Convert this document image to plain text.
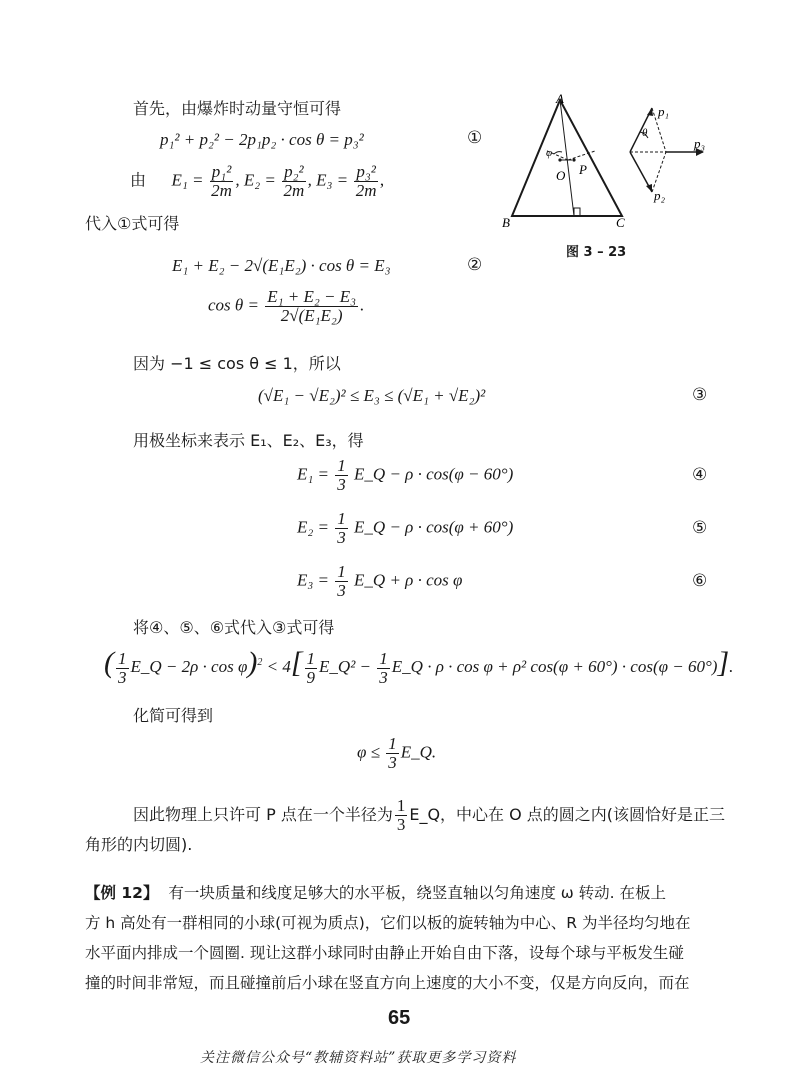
首先，由爆炸时动量守恒可得
p₁² + p₂² − 2p₁p₂ · cos θ = p₃²	①
由 $E_1 = \frac{\text{p₁²}}{2m}$ , $E_2 = \frac{\text{p₂²}}{2m}$ , $E_3 = \frac{\text{p₃²}}{2m}$ ,
代入①式可得
E₁ + E₂ − 2√(E₁E₂) · cos θ = E₃	②
$\cos \theta = \frac{\text{E₁ + E₂ − E₃}}{\text{2√(E₁E₂)}}$ .
因为 −1 ≤ cos θ ≤ 1，所以
(√E₁ − √E₂)² ≤ E₃ ≤ (√E₁ + √E₂)²	③
用极坐标来表示 E₁、E₂、E₃，得
$E_1 = \frac{1}{3}$ E_Q − ρ · cos(φ − 60°)	④
$E_2 = \frac{1}{3}$ E_Q − ρ · cos(φ + 60°)	⑤
$E_3 = \frac{1}{3}$ E_Q + ρ · cos φ	⑥
将④、⑤、⑥式代入③式可得
( $\frac{1}{3}$ E_Q − $2\rho \cdot \cos \varphi)^2 < 4[ \frac{1}{9}$ E_Q² − $\frac{1}{3}$ E_Q · ρ · cos φ + ρ² cos(φ + 60°) · cos(φ − 60°)].
化简可得到
$\varphi \le \frac{1}{3}$ E_Q.
因此物理上只许可 P 点在一个半径为 $\frac{1}{3}$ E_Q，中心在 O 点的圆之内(该圆恰好是正三
角形的内切圆).
【例 12】 有一块质量和线度足够大的水平板，绕竖直轴以匀角速度 ω 转动. 在板上
方 h 高处有一群相同的小球(可视为质点)，它们以板的旋转轴为中心、R 为半径均匀地在
水平面内排成一个圆圈. 现让这群小球同时由静止开始自由下落，设每个球与平板发生碰
撞的时间非常短，而且碰撞前后小球在竖直方向上速度的大小不变，仅是方向反向，而在
A
B	C
O P
φ
θ
p₁
p₂
p₃
图 3 – 23
65
关注微信公众号“教辅资料站”获取更多学习资料
